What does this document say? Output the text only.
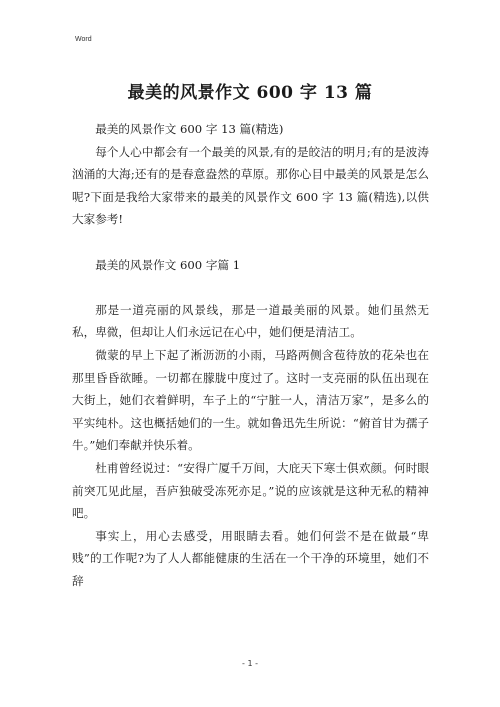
Word
最美的风景作文 600 字 13 篇

最美的风景作文 600 字 13 篇(精选)

每个人心中都会有一个最美的风景,有的是皎洁的明月;有的是波涛汹涌的大海;还有的是春意盎然的草原。那你心目中最美的风景是怎么呢?下面是我给大家带来的最美的风景作文 600 字 13 篇(精选),以供大家参考!

最美的风景作文 600 字篇 1

那是一道亮丽的风景线，那是一道最美丽的风景。她们虽然无私，卑微，但却让人们永远记在心中，她们便是清洁工。

微蒙的早上下起了淅沥沥的小雨，马路两侧含苞待放的花朵也在那里昏昏欲睡。一切都在朦胧中度过了。这时一支亮丽的队伍出现在大街上，她们衣着鲜明，车子上的“宁脏一人，清洁万家”，是多么的平实纯朴。这也概括她们的一生。就如鲁迅先生所说：“俯首甘为孺子牛。”她们奉献并快乐着。

杜甫曾经说过：“安得广厦千万间，大庇天下寒士俱欢颜。何时眼前突兀见此屋，吾庐独破受冻死亦足。”说的应该就是这种无私的精神吧。

事实上，用心去感受，用眼睛去看。她们何尝不是在做最“卑贱”的工作呢?为了人人都能健康的生活在一个干净的环境里，她们不辞

- 1 -
